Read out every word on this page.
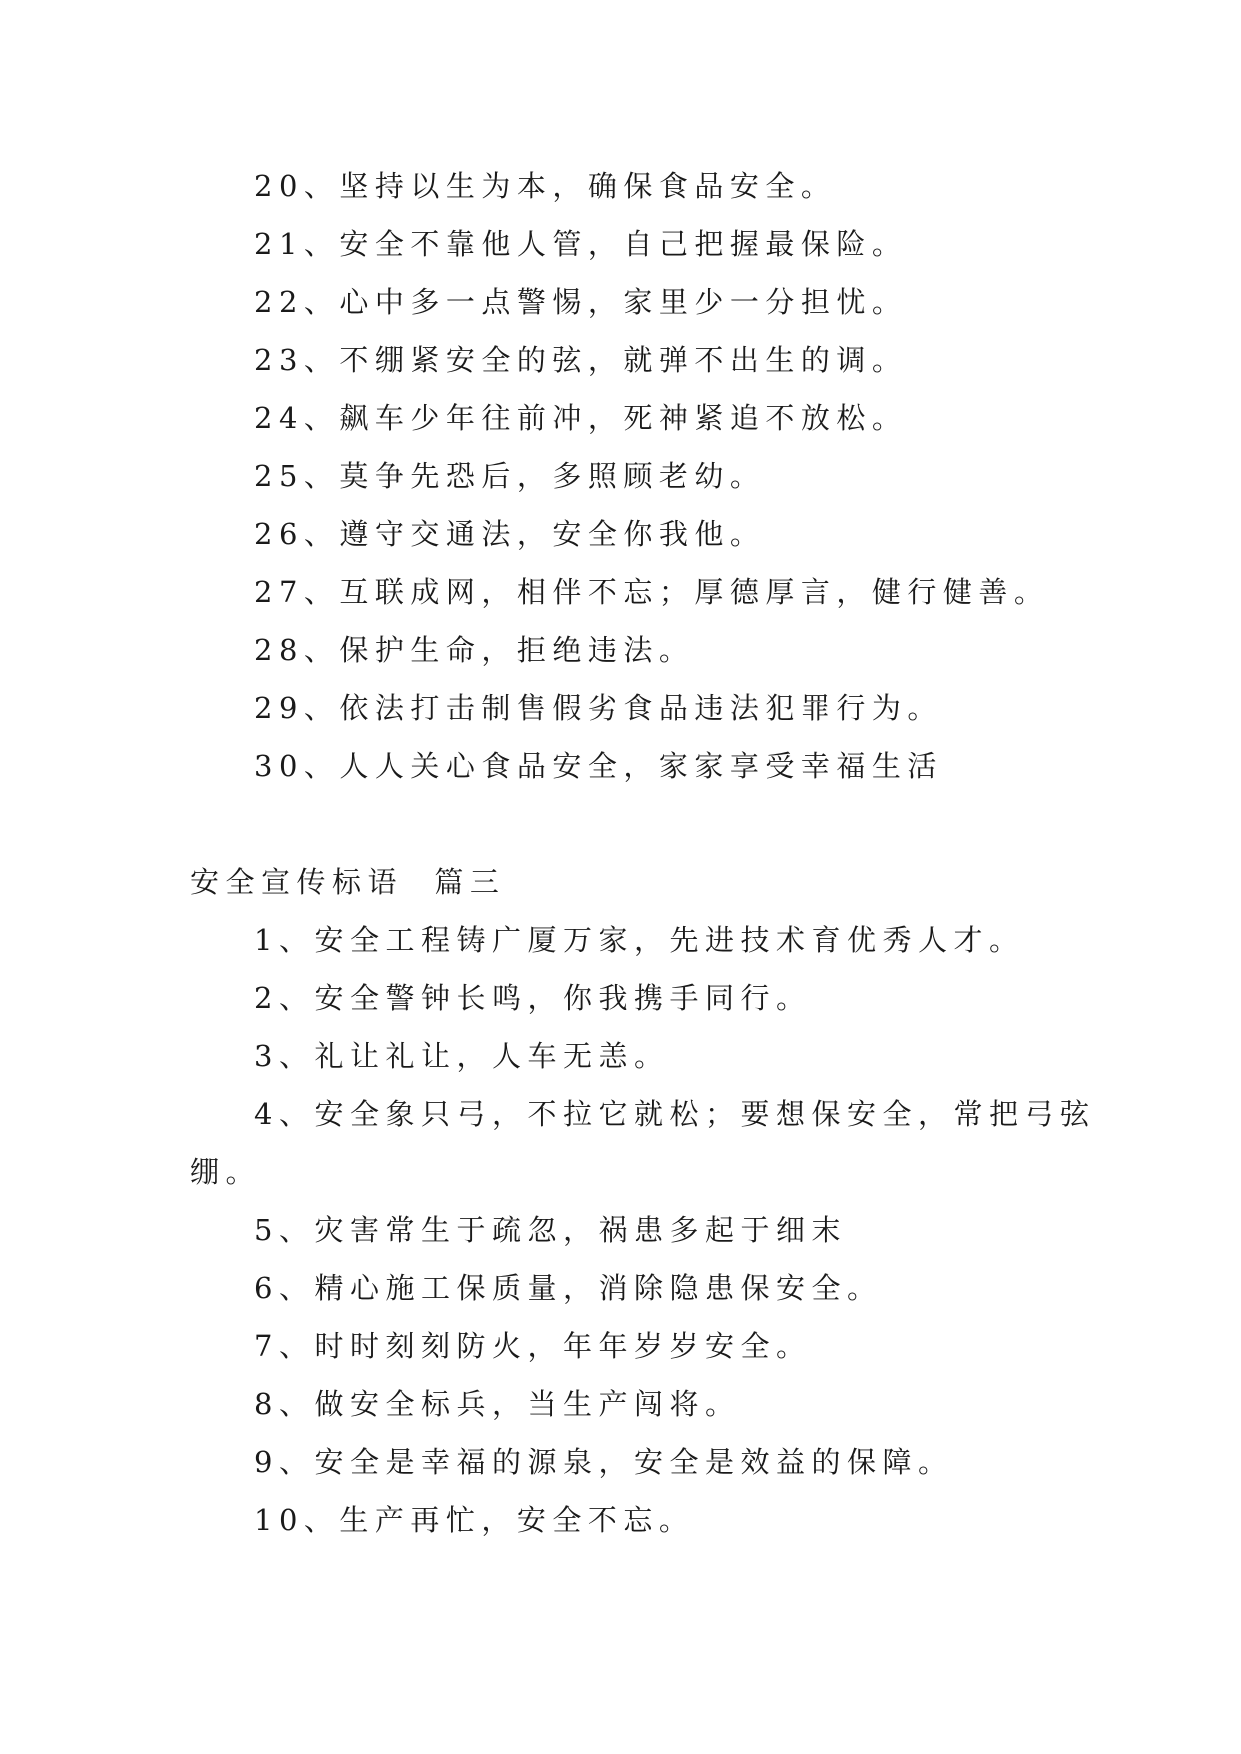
20、坚持以生为本，确保食品安全。
21、安全不靠他人管，自己把握最保险。
22、心中多一点警惕，家里少一分担忧。
23、不绷紧安全的弦，就弹不出生的调。
24、飙车少年往前冲，死神紧追不放松。
25、莫争先恐后，多照顾老幼。
26、遵守交通法，安全你我他。
27、互联成网，相伴不忘；厚德厚言，健行健善。
28、保护生命，拒绝违法。
29、依法打击制售假劣食品违法犯罪行为。
30、人人关心食品安全，家家享受幸福生活
安全宣传标语  篇三
1、安全工程铸广厦万家，先进技术育优秀人才。
2、安全警钟长鸣，你我携手同行。
3、礼让礼让，人车无恙。
4、安全象只弓，不拉它就松；要想保安全，常把弓弦
绷。
5、灾害常生于疏忽，祸患多起于细末
6、精心施工保质量，消除隐患保安全。
7、时时刻刻防火，年年岁岁安全。
8、做安全标兵，当生产闯将。
9、安全是幸福的源泉，安全是效益的保障。
10、生产再忙，安全不忘。
